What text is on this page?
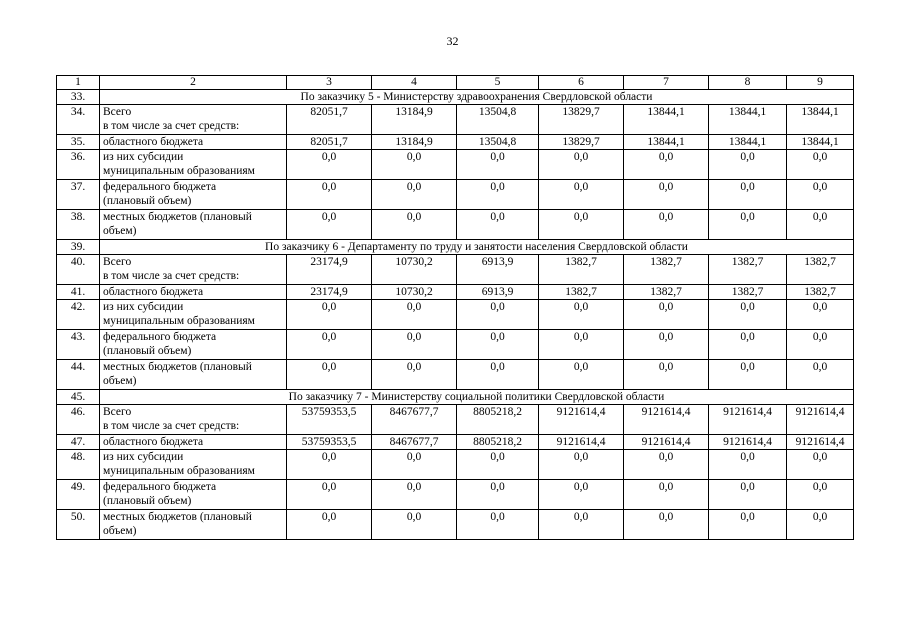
32
1	2	3	4	5	6	7	8	9
33.	По заказчику 5 - Министерству здравоохранения Свердловской области							
34.	Всего
в том числе за счет средств:	82051,7	13184,9	13504,8	13829,7	13844,1	13844,1	13844,1
35.	областного бюджета	82051,7	13184,9	13504,8	13829,7	13844,1	13844,1	13844,1
36.	из них субсидии
муниципальным образованиям	0,0	0,0	0,0	0,0	0,0	0,0	0,0
37.	федерального бюджета
(плановый объем)	0,0	0,0	0,0	0,0	0,0	0,0	0,0
38.	местных бюджетов (плановый
объем)	0,0	0,0	0,0	0,0	0,0	0,0	0,0
39.	По заказчику 6 - Департаменту по труду и занятости населения Свердловской области							
40.	Всего
в том числе за счет средств:	23174,9	10730,2	6913,9	1382,7	1382,7	1382,7	1382,7
41.	областного бюджета	23174,9	10730,2	6913,9	1382,7	1382,7	1382,7	1382,7
42.	из них субсидии
муниципальным образованиям	0,0	0,0	0,0	0,0	0,0	0,0	0,0
43.	федерального бюджета
(плановый объем)	0,0	0,0	0,0	0,0	0,0	0,0	0,0
44.	местных бюджетов (плановый
объем)	0,0	0,0	0,0	0,0	0,0	0,0	0,0
45.	По заказчику 7 - Министерству социальной политики Свердловской области							
46.	Всего
в том числе за счет средств:	53759353,5	8467677,7	8805218,2	9121614,4	9121614,4	9121614,4	9121614,4
47.	областного бюджета	53759353,5	8467677,7	8805218,2	9121614,4	9121614,4	9121614,4	9121614,4
48.	из них субсидии
муниципальным образованиям	0,0	0,0	0,0	0,0	0,0	0,0	0,0
49.	федерального бюджета
(плановый объем)	0,0	0,0	0,0	0,0	0,0	0,0	0,0
50.	местных бюджетов (плановый
объем)	0,0	0,0	0,0	0,0	0,0	0,0	0,0
